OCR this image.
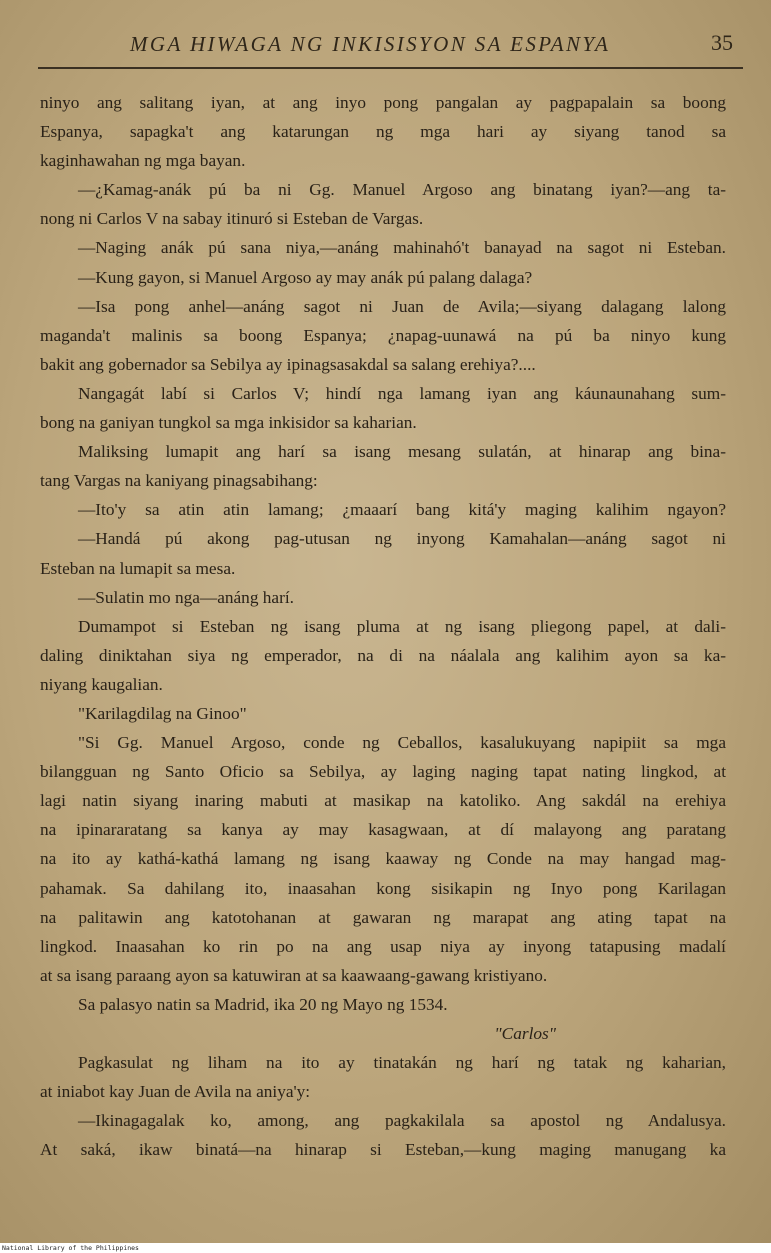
MGA HIWAGA NG INKISISYON SA ESPANYA	35
ninyo ang salitang iyan, at ang inyo pong pangalan ay pagpapalain sa boong
Espanya, sapagka't ang katarungan ng mga hari ay siyang tanod sa
kaginhawahan ng mga bayan.
—¿Kamag-anák pú ba ni Gg. Manuel Argoso ang binatang iyan?—ang ta-
nong ni Carlos V na sabay itinuró si Esteban de Vargas.
—Naging anák pú sana niya,—anáng mahinahó't banayad na sagot ni Esteban.
—Kung gayon, si Manuel Argoso ay may anák pú palang dalaga?
—Isa pong anhel—anáng sagot ni Juan de Avila;—siyang dalagang lalong
maganda't malinis sa boong Espanya; ¿napag-uunawá na pú ba ninyo kung
bakit ang gobernador sa Sebilya ay ipinagsasakdal sa salang erehiya?....
Nangagát labí si Carlos V; hindí nga lamang iyan ang káunaunahang sum-
bong na ganiyan tungkol sa mga inkisidor sa kaharian.
Maliksing lumapit ang harí sa isang mesang sulatán, at hinarap ang bina-
tang Vargas na kaniyang pinagsabihang:
—Ito'y sa atin atin lamang; ¿maaarí bang kitá'y maging kalihim ngayon?
—Handá pú akong pag-utusan ng inyong Kamahalan—anáng sagot ni
Esteban na lumapit sa mesa.
—Sulatin mo nga—anáng harí.
Dumampot si Esteban ng isang pluma at ng isang pliegong papel, at dali-
daling diniktahan siya ng emperador, na di na náalala ang kalihim ayon sa ka-
niyang kaugalian.
"Karilagdilag na Ginoo"
"Si Gg. Manuel Argoso, conde ng Ceballos, kasalukuyang napipiit sa mga
bilangguan ng Santo Oficio sa Sebilya, ay laging naging tapat nating lingkod, at
lagi natin siyang inaring mabuti at masikap na katoliko. Ang sakdál na erehiya
na ipinararatang sa kanya ay may kasagwaan, at dí malayong ang paratang
na ito ay kathá-kathá lamang ng isang kaaway ng Conde na may hangad mag-
pahamak. Sa dahilang ito, inaasahan kong sisikapin ng Inyo pong Karilagan
na palitawin ang katotohanan at gawaran ng marapat ang ating tapat na
lingkod. Inaasahan ko rin po na ang usap niya ay inyong tatapusing madalí
at sa isang paraang ayon sa katuwiran at sa kaawaang-gawang kristiyano.
Sa palasyo natin sa Madrid, ika 20 ng Mayo ng 1534.
"Carlos"
Pagkasulat ng liham na ito ay tinatakán ng harí ng tatak ng kaharian,
at iniabot kay Juan de Avila na aniya'y:
—Ikinagagalak ko, among, ang pagkakilala sa apostol ng Andalusya.
At saká, ikaw binatá—na hinarap si Esteban,—kung maging manugang ka
National Library of the Philippines
